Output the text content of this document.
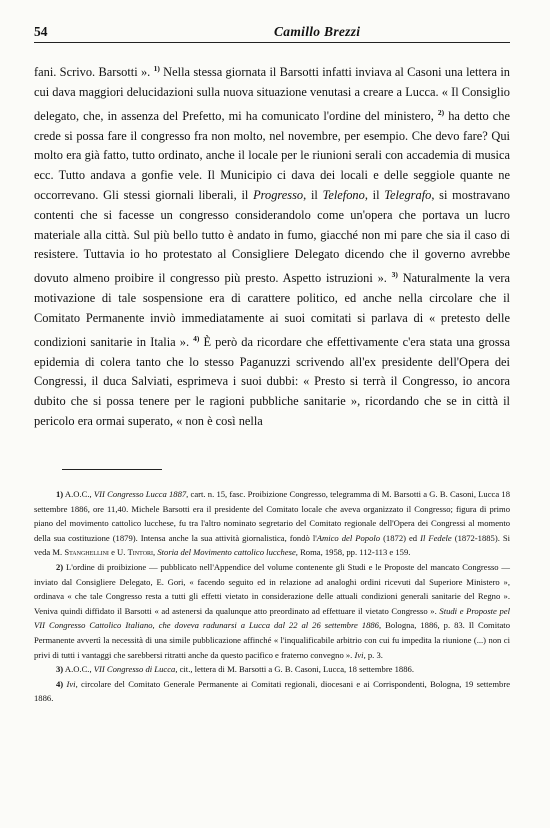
54	Camillo Brezzi

fani. Scrivo. Barsotti ». $^{1)}$ Nella stessa giornata il Barsotti infatti inviava al Casoni una lettera in cui dava maggiori delucidazioni sulla nuova situazione venutasi a creare a Lucca. « Il Consiglio delegato, che, in assenza del Prefetto, mi ha comunicato l'ordine del ministero, $^{2)}$ ha detto che crede si possa fare il congresso fra non molto, nel novembre, per esempio. Che devo fare? Qui molto era già fatto, tutto ordinato, anche il locale per le riunioni serali con accademia di musica ecc. Tutto andava a gonfie vele. Il Municipio ci dava dei locali e delle seggiole quante ne occorrevano. Gli stessi giornali liberali, il Progresso, il Telefono, il Telegrafo, si mostravano contenti che si facesse un congresso considerandolo come un'opera che portava un lucro materiale alla città. Sul più bello tutto è andato in fumo, giacché non mi pare che sia il caso di resistere. Tuttavia io ho protestato al Consigliere Delegato dicendo che il governo avrebbe dovuto almeno proibire il congresso più presto. Aspetto istruzioni ». $^{3)}$ Naturalmente la vera motivazione di tale sospensione era di carattere politico, ed anche nella circolare che il Comitato Permanente inviò immediatamente ai suoi comitati si parlava di « pretesto delle condizioni sanitarie in Italia ». $^{4)}$ È però da ricordare che effettivamente c'era stata una grossa epidemia di colera tanto che lo stesso Paganuzzi scrivendo all'ex presidente dell'Opera dei Congressi, il duca Salviati, esprimeva i suoi dubbi: « Presto si terrà il Congresso, io ancora dubito che si possa tenere per le ragioni pubbliche sanitarie », ricordando che se in città il pericolo era ormai superato, « non è così nella

1) A.O.C., VII Congresso Lucca 1887, cart. n. 15, fasc. Proibizione Congresso, telegramma di M. Barsotti a G. B. Casoni, Lucca 18 settembre 1886, ore 11,40. Michele Barsotti era il presidente del Comitato locale che aveva organizzato il Congresso; figura di primo piano del movimento cattolico lucchese, fu tra l'altro nominato segretario del Comitato regionale dell'Opera dei Congressi al momento della sua costituzione (1879). Intensa anche la sua attività giornalistica, fondò l'Amico del Popolo (1872) ed Il Fedele (1872-1885). Si veda M. Stanghellini e U. Tintori, Storia del Movimento cattolico lucchese, Roma, 1958, pp. 112-113 e 159.

2) L'ordine di proibizione — pubblicato nell'Appendice del volume contenente gli Studi e le Proposte del mancato Congresso — inviato dal Consigliere Delegato, E. Gori, « facendo seguito ed in relazione ad analoghi ordini ricevuti dal Superiore Ministero », ordinava « che tale Congresso resta a tutti gli effetti vietato in considerazione delle attuali condizioni generali sanitarie del Regno ». Veniva quindi diffidato il Barsotti « ad astenersi da qualunque atto preordinato ad effettuare il vietato Congresso ». Studi e Proposte pel VII Congresso Cattolico Italiano, che doveva radunarsi a Lucca dal 22 al 26 settembre 1886, Bologna, 1886, p. 83. Il Comitato Permanente avvertì la necessità di una simile pubblicazione affinché « l'inqualificabile arbitrio con cui fu impedita la riunione (...) non ci privi di tutti i vantaggi che sarebbersi ritratti anche da questo pacifico e fraterno convegno ». Ivi, p. 3.

3) A.O.C., VII Congresso di Lucca, cit., lettera di M. Barsotti a G. B. Casoni, Lucca, 18 settembre 1886.

4) Ivi, circolare del Comitato Generale Permanente ai Comitati regionali, diocesani e ai Corrispondenti, Bologna, 19 settembre 1886.
